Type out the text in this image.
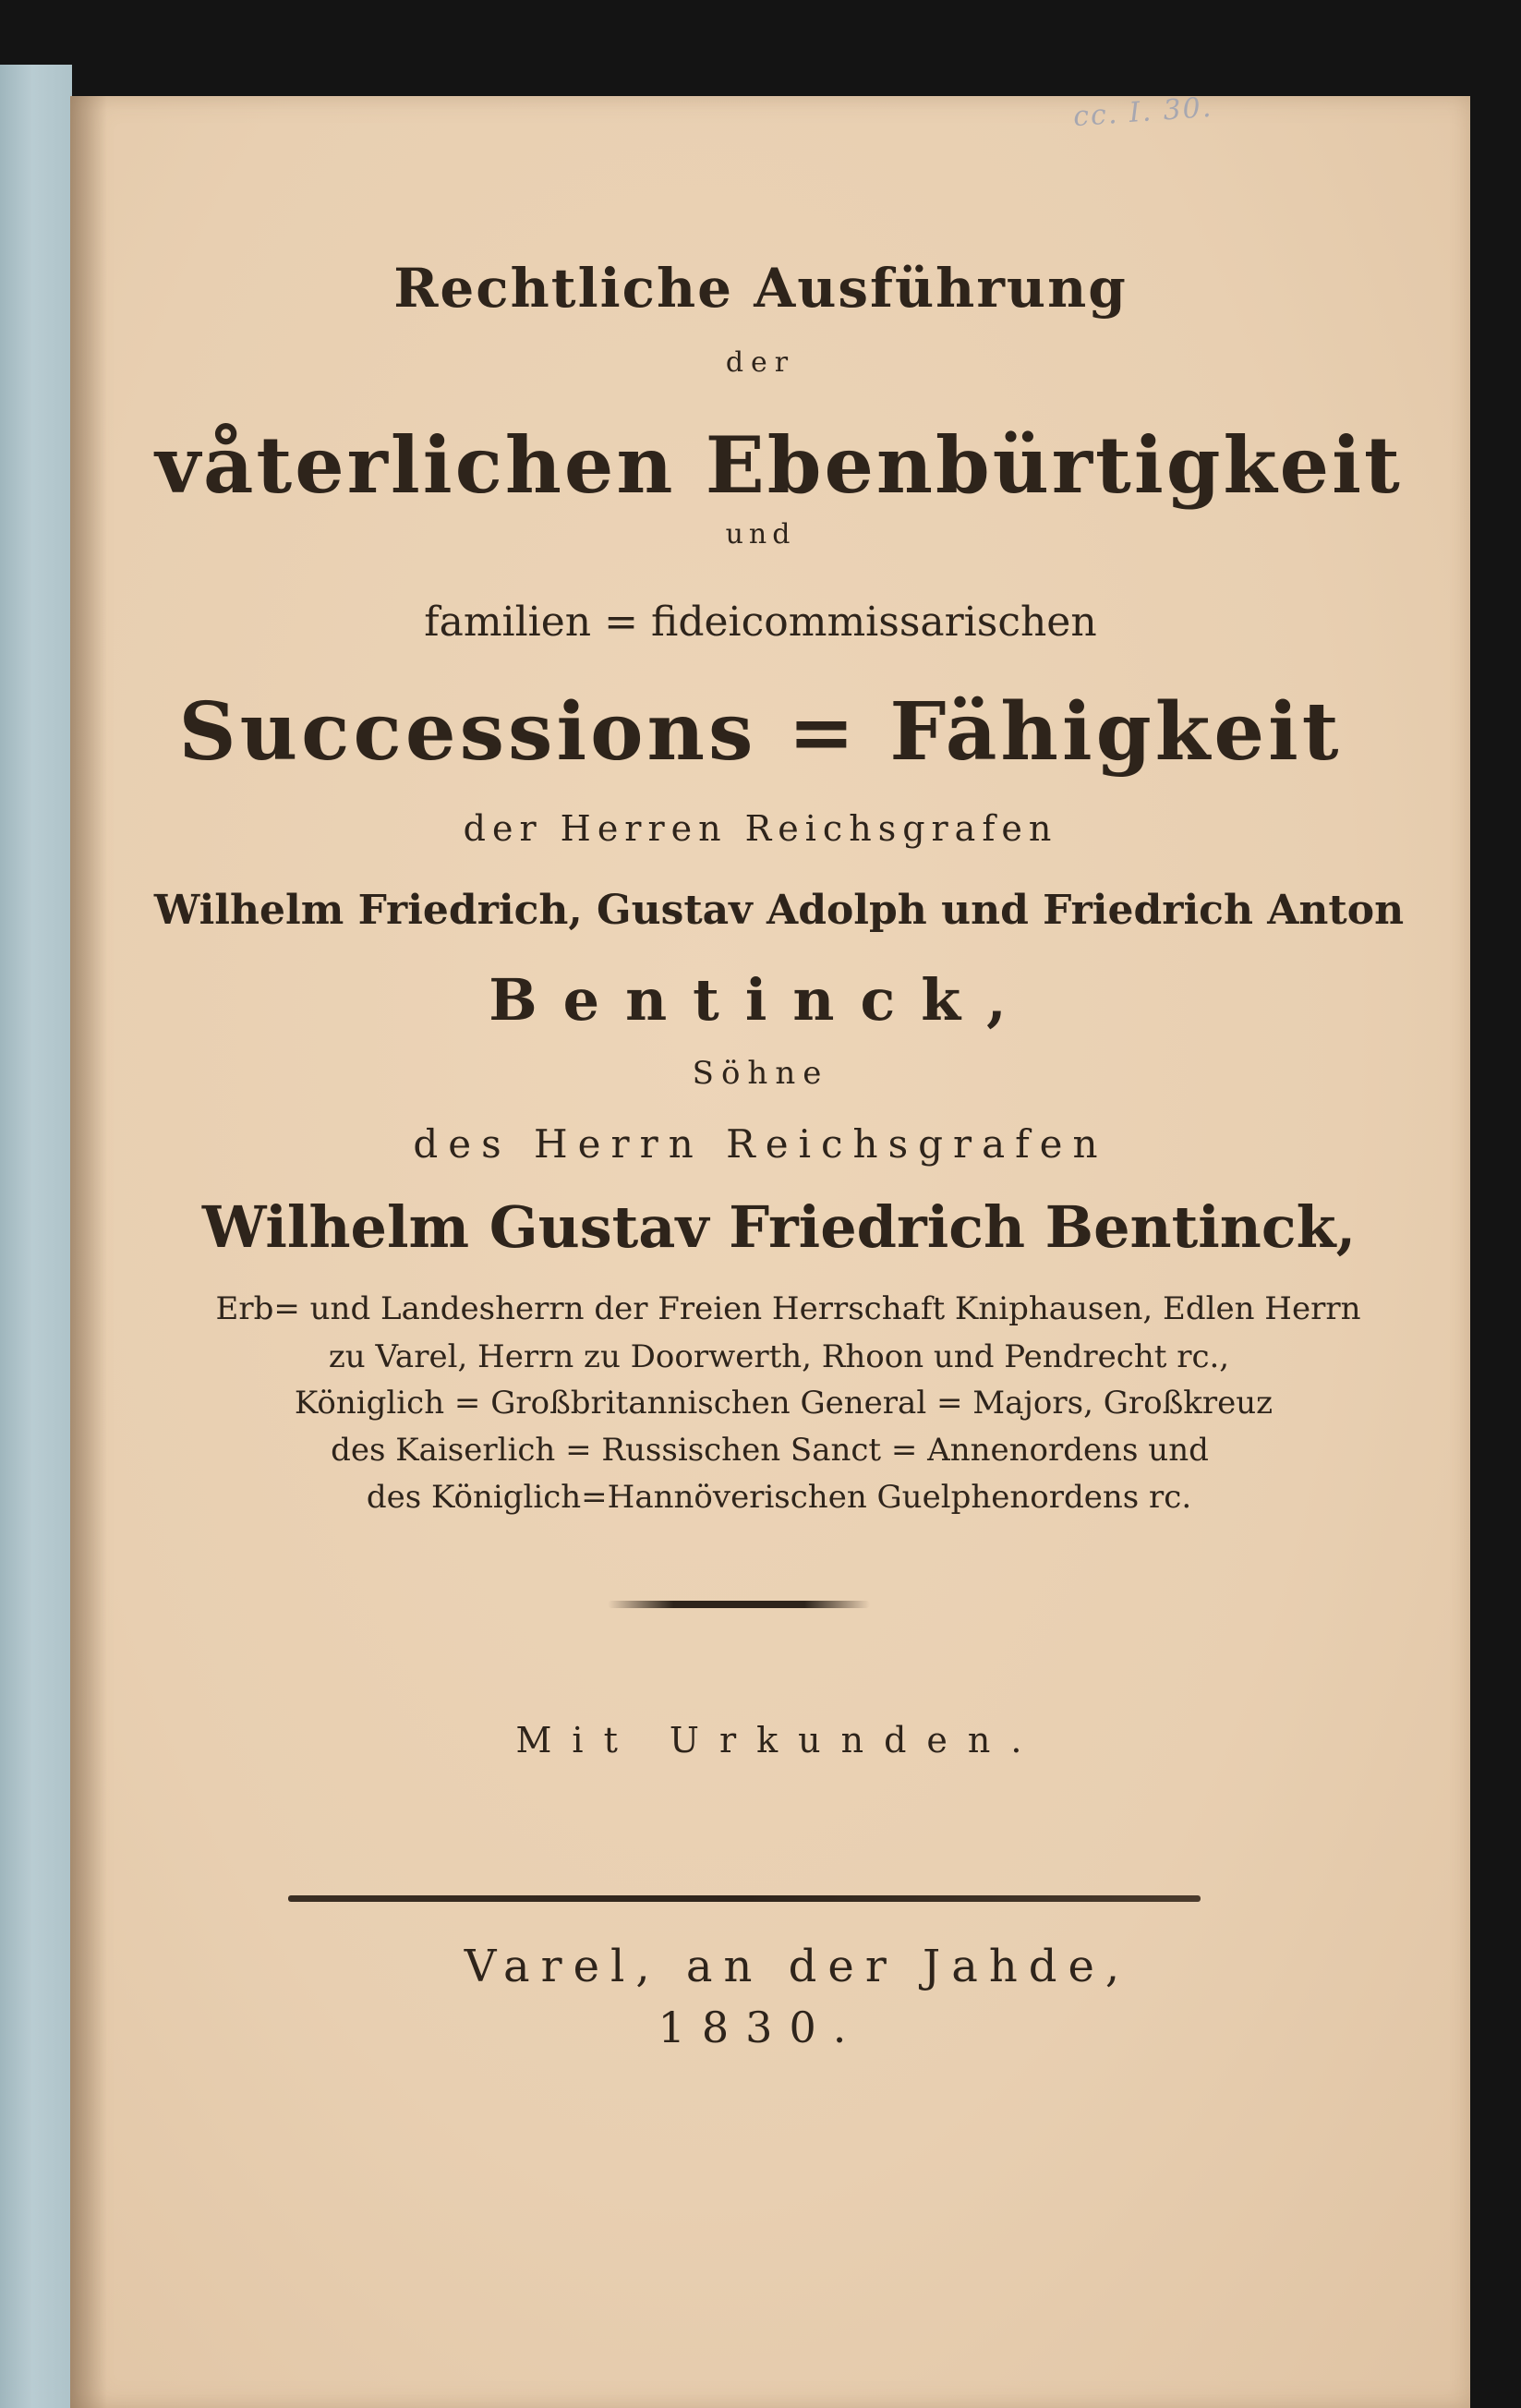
cc. I. 30.
Rechtliche Ausführung
der
våterlichen Ebenbürtigkeit
und
familien = fideicommissarischen
Successions = Fähigkeit
der Herren Reichsgrafen
Wilhelm Friedrich, Gustav Adolph und Friedrich Anton
Bentinck,
Söhne
des Herrn Reichsgrafen
Wilhelm Gustav Friedrich Bentinck,
Erb= und Landesherrn der Freien Herrschaft Kniphausen, Edlen Herrn
zu Varel, Herrn zu Doorwerth, Rhoon und Pendrecht rc.,
Königlich = Großbritannischen General = Majors, Großkreuz
des Kaiserlich = Russischen Sanct = Annenordens und
des Königlich=Hannöverischen Guelphenordens rc.
Mit Urkunden.
Varel, an der Jahde,
1830.
